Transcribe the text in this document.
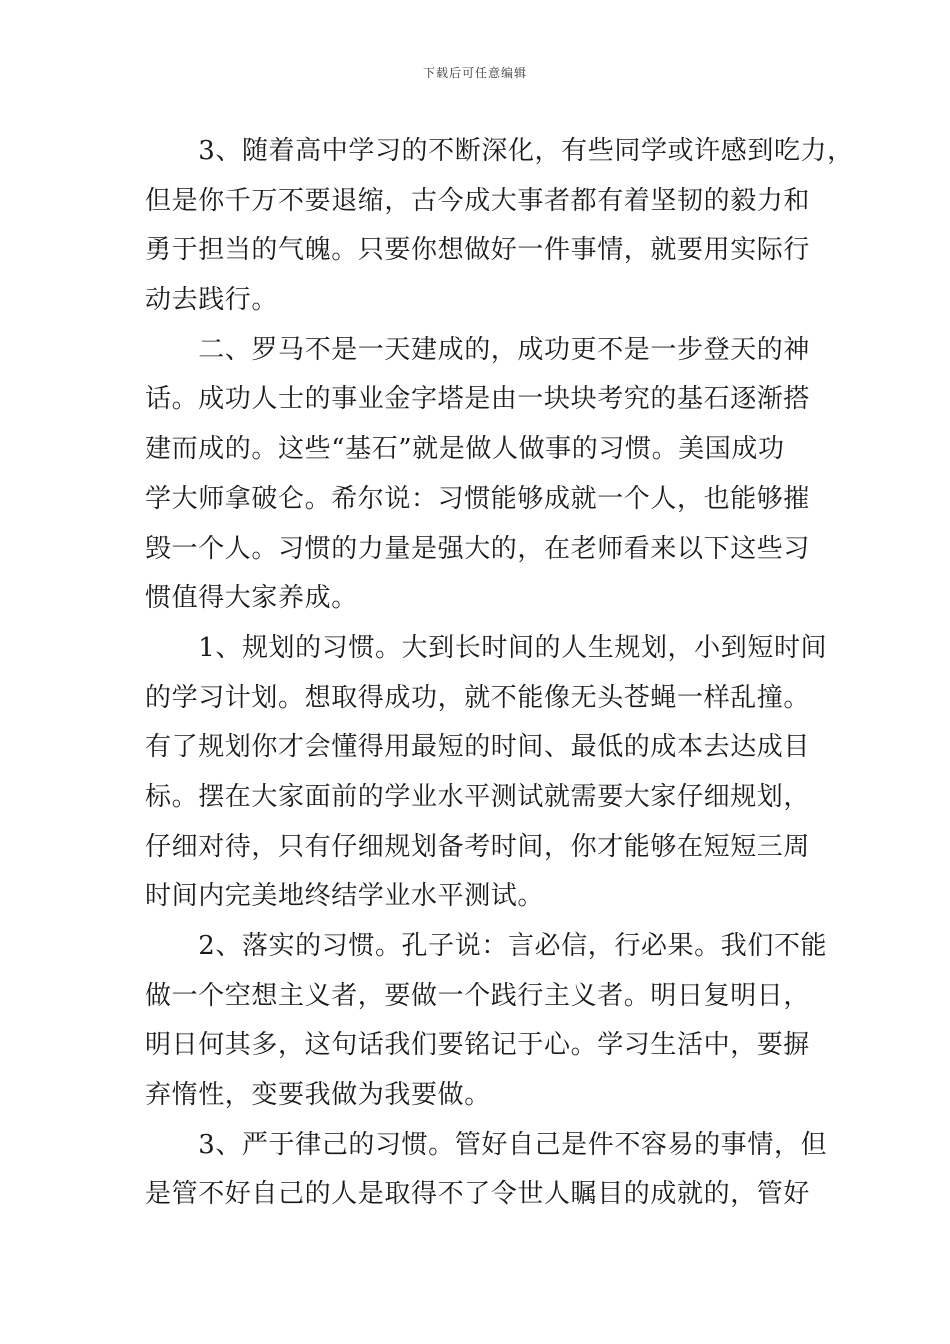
下载后可任意编辑
　　3、随着高中学习的不断深化，有些同学或许感到吃力，
但是你千万不要退缩，古今成大事者都有着坚韧的毅力和
勇于担当的气魄。只要你想做好一件事情，就要用实际行
动去践行。
　　二、罗马不是一天建成的，成功更不是一步登天的神
话。成功人士的事业金字塔是由一块块考究的基石逐渐搭
建而成的。这些“基石”就是做人做事的习惯。美国成功
学大师拿破仑。希尔说：习惯能够成就一个人，也能够摧
毁一个人。习惯的力量是强大的，在老师看来以下这些习
惯值得大家养成。
　　1、规划的习惯。大到长时间的人生规划，小到短时间
的学习计划。想取得成功，就不能像无头苍蝇一样乱撞。
有了规划你才会懂得用最短的时间、最低的成本去达成目
标。摆在大家面前的学业水平测试就需要大家仔细规划，
仔细对待，只有仔细规划备考时间，你才能够在短短三周
时间内完美地终结学业水平测试。
　　2、落实的习惯。孔子说：言必信，行必果。我们不能
做一个空想主义者，要做一个践行主义者。明日复明日，
明日何其多，这句话我们要铭记于心。学习生活中，要摒
弃惰性，变要我做为我要做。
　　3、严于律己的习惯。管好自己是件不容易的事情，但
是管不好自己的人是取得不了令世人瞩目的成就的，管好
